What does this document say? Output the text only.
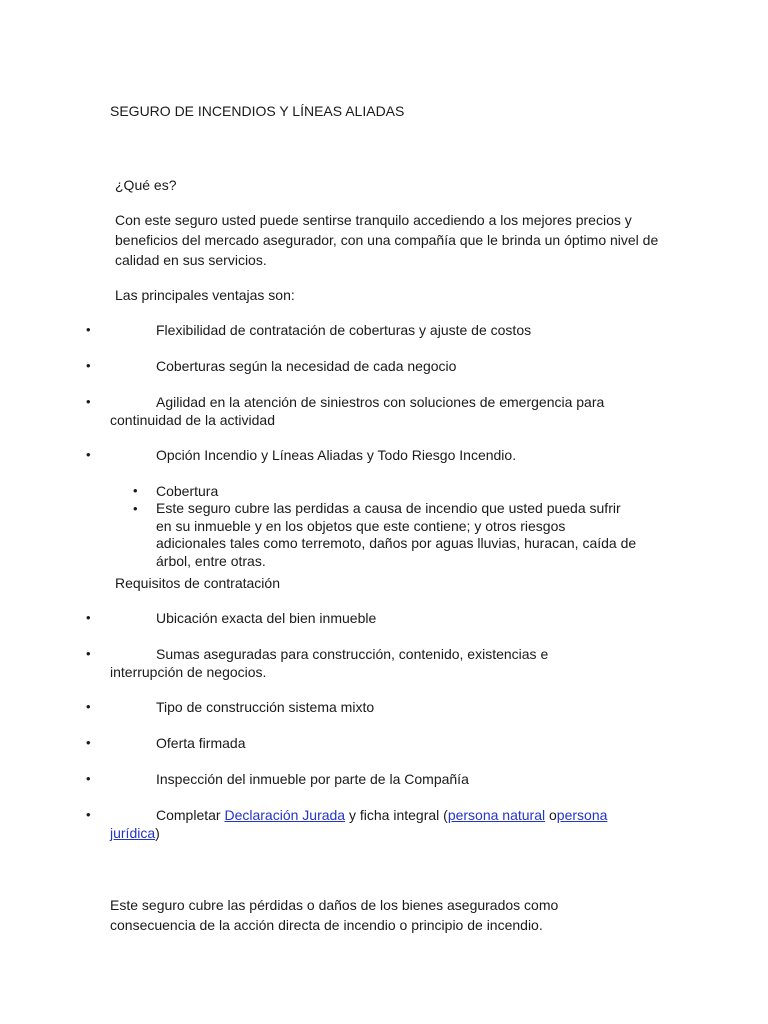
SEGURO DE INCENDIOS Y LÍNEAS ALIADAS
¿Qué es?
Con este seguro usted puede sentirse tranquilo accediendo a los mejores precios y beneficios del mercado asegurador, con una compañía que le brinda un óptimo nivel de calidad en sus servicios.
Las principales ventajas son:
•	Flexibilidad de contratación de coberturas y ajuste de costos
•	Coberturas según la necesidad de cada negocio
•	Agilidad en la atención de siniestros con soluciones de emergencia para
continuidad de la actividad
•	Opción Incendio y Líneas Aliadas y Todo Riesgo Incendio.
•	Cobertura
•	Este seguro cubre las perdidas a causa de incendio que usted pueda sufrir en su inmueble y en los objetos que este contiene; y otros riesgos adicionales tales como terremoto, daños por aguas lluvias, huracan, caída de árbol, entre otras.
Requisitos de contratación
•	Ubicación exacta del bien inmueble
•	Sumas aseguradas para construcción, contenido, existencias e
interrupción de negocios.
•	Tipo de construcción sistema mixto
•	Oferta firmada
•	Inspección del inmueble por parte de la Compañía
•	Completar Declaración Jurada y ficha integral (persona natural opersona
jurídica)
Este seguro cubre las pérdidas o daños de los bienes asegurados como consecuencia de la acción directa de incendio o principio de incendio.
